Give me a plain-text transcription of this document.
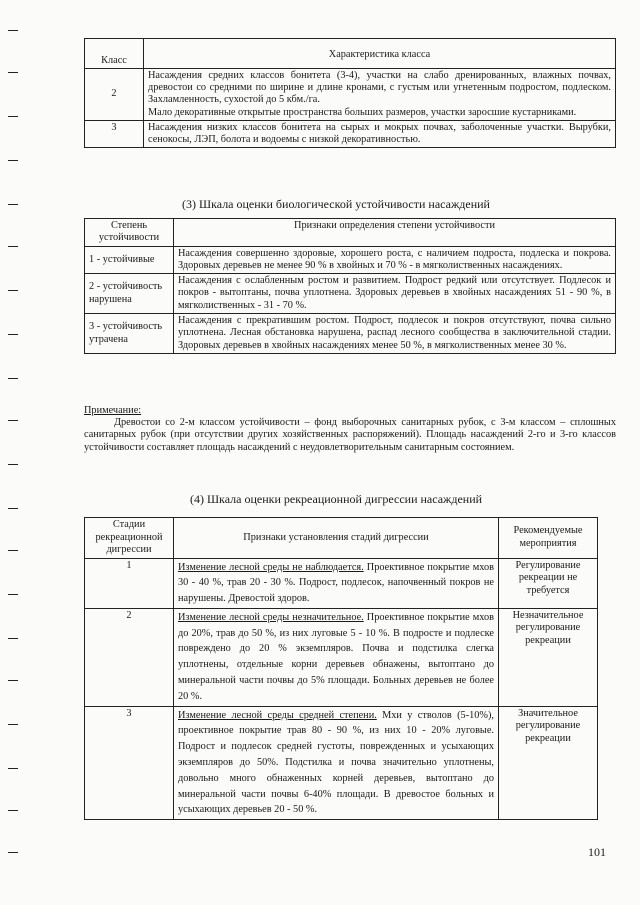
Класс	Характеристика класса
2	Насаждения средних классов бонитета (3-4), участки на слабо дренированных, влажных почвах, древостои со средними по ширине и длине кронами, с густым или угнетенным подростом, подлеском. Захламленность, сухостой до 5 кбм./га.
Мало декоративные открытые пространства больших размеров, участки заросшие кустарниками.

3	Насаждения низких классов бонитета на сырых и мокрых почвах, заболоченные участки. Вырубки, сенокосы, ЛЭП, болота и водоемы с низкой декоративностью.
(3) Шкала оценки биологической устойчивости насаждений
Степень устойчивости	Признаки определения степени устойчивости
1 - устойчивые	Насаждения совершенно здоровые, хорошего роста, с наличием подроста, подлеска и покрова. Здоровых деревьев не менее 90 % в хвойных и 70 % - в мягколиственных насаждениях.
2 - устойчивость нарушена	Насаждения с ослабленным ростом и развитием. Подрост редкий или отсутствует. Подлесок и покров - вытоптаны, почва уплотнена. Здоровых деревьев в хвойных насаждениях 51 - 90 %, в мягколиственных - 31 - 70 %.
3 - устойчивость утрачена	Насаждения с прекратившим ростом. Подрост, подлесок и покров отсутствуют, почва сильно уплотнена. Лесная обстановка нарушена, распад лесного сообщества в заключительной стадии. Здоровых деревьев в хвойных насаждениях менее 50 %, в мягколиственных менее 30 %.
Примечание:
Древостои со 2-м классом устойчивости – фонд выборочных санитарных рубок, с 3-м классом – сплошных санитарных рубок (при отсутствии других хозяйственных распоряжений). Площадь насаждений 2-го и 3-го классов устойчивости составляет площадь насаждений с неудовлетворительным санитарным состоянием.
(4) Шкала оценки рекреационной дигрессии насаждений
Стадии рекреационной дигрессии	Признаки установления стадий дигрессии	Рекомендуемые мероприятия
1	Изменение лесной среды не наблюдается. Проективное покрытие мхов 30 - 40 %, трав 20 - 30 %. Подрост, подлесок, напочвенный покров не нарушены. Древостой здоров.	Регулирование рекреации не требуется
2	Изменение лесной среды незначительное. Проективное покрытие мхов до 20%, трав до 50 %, из них луговые 5 - 10 %. В подросте и подлеске повреждено до 20 % экземпляров. Почва и подстилка слегка уплотнены, отдельные корни деревьев обнажены, вытоптано до минеральной части почвы до 5% площади. Больных деревьев не более 20 %.	Незначительное регулирование рекреации
3	Изменение лесной среды средней степени. Мхи у стволов (5-10%), проективное покрытие трав 80 - 90 %, из них 10 - 20% луговые. Подрост и подлесок средней густоты, поврежденных и усыхающих экземпляров до 50%. Подстилка и почва значительно уплотнены, довольно много обнаженных корней деревьев, вытоптано до минеральной части почвы 6-40% площади. В древостое больных и усыхающих деревьев 20 - 50 %.	Значительное регулирование рекреации
101
